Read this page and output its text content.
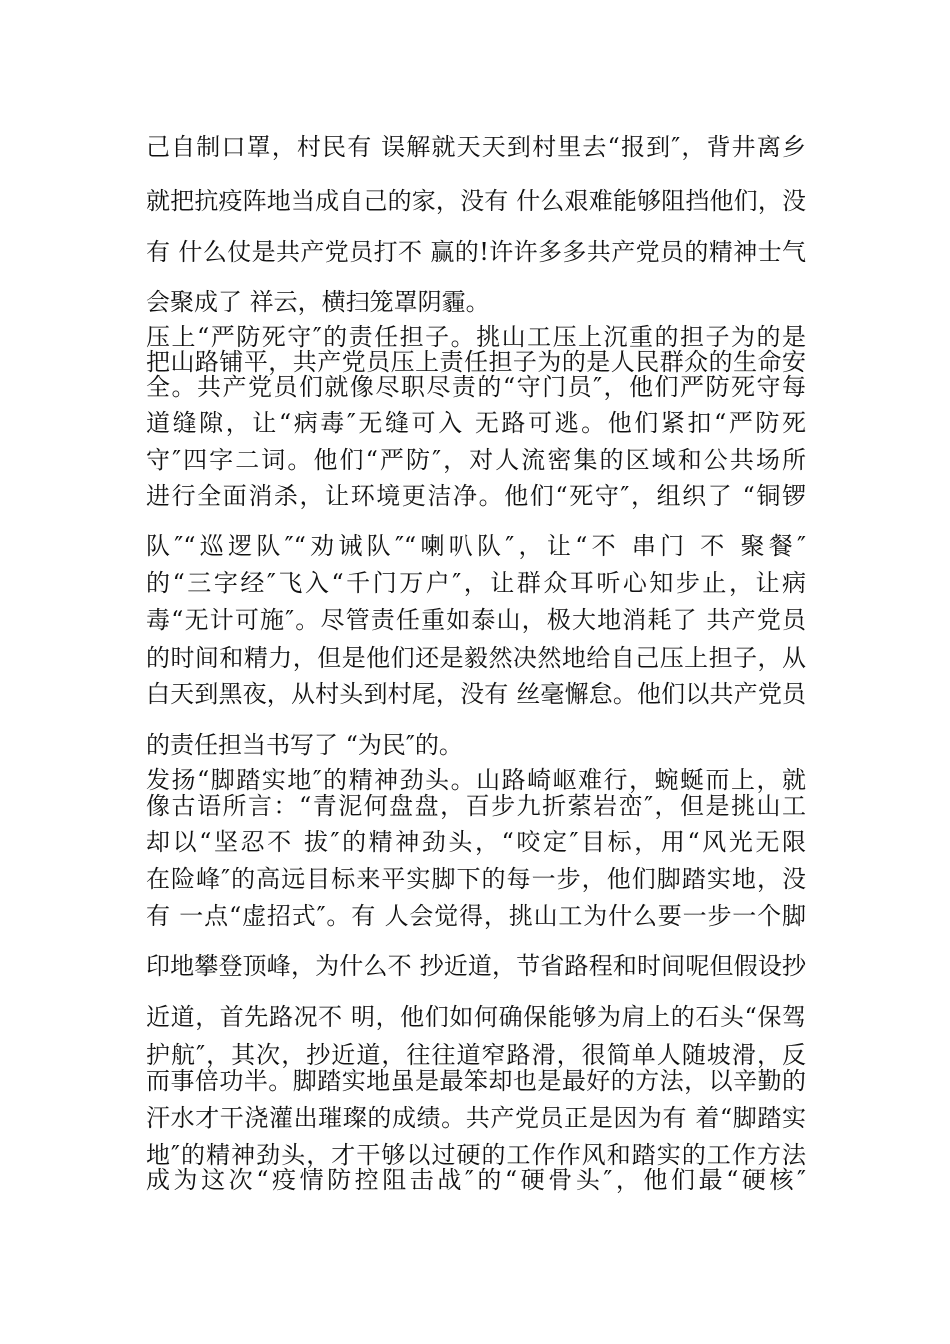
己自制口罩，村民有 误解就天天到村里去“报到″，背井离乡
就把抗疫阵地当成自己的家，没有 什么艰难能够阻挡他们，没
有 什么仗是共产党员打不 赢的!许许多多共产党员的精神士气
会聚成了 祥云，横扫笼罩阴霾。
压上“严防死守″的责任担子。挑山工压上沉重的担子为的是
把山路铺平，共产党员压上责任担子为的是人民群众的生命安
全。共产党员们就像尽职尽责的“守门员″，他们严防死守每
道缝隙，让“病毒″无缝可入 无路可逃。他们紧扣“严防死
守″四字二词。他们“严防″，对人流密集的区域和公共场所
进行全面消杀，让环境更洁净。他们“死守″，组织了 “铜锣
队″“巡逻队″“劝诫队″“喇叭队″，让“不 串门 不 聚餐″
的“三字经″飞入“千门万户″，让群众耳听心知步止，让病
毒“无计可施″。尽管责任重如泰山，极大地消耗了 共产党员
的时间和精力，但是他们还是毅然决然地给自己压上担子，从
白天到黑夜，从村头到村尾，没有 丝毫懈怠。他们以共产党员
的责任担当书写了 “为民″的。
发扬“脚踏实地″的精神劲头。山路崎岖难行，蜿蜒而上，就
像古语所言：“青泥何盘盘，百步九折萦岩峦″，但是挑山工
却以“坚忍不 拔″的精神劲头，“咬定″目标，用“风光无限
在险峰″的高远目标来平实脚下的每一步，他们脚踏实地，没
有 一点“虚招式″。有 人会觉得，挑山工为什么要一步一个脚
印地攀登顶峰，为什么不 抄近道，节省路程和时间呢但假设抄
近道，首先路况不 明，他们如何确保能够为肩上的石头“保驾
护航″，其次，抄近道，往往道窄路滑，很简单人随坡滑，反
而事倍功半。脚踏实地虽是最笨却也是最好的方法，以辛勤的
汗水才干浇灌出璀璨的成绩。共产党员正是因为有 着“脚踏实
地″的精神劲头，才干够以过硬的工作作风和踏实的工作方法
成为这次“疫情防控阻击战″的“硬骨头″，他们最“硬核″
